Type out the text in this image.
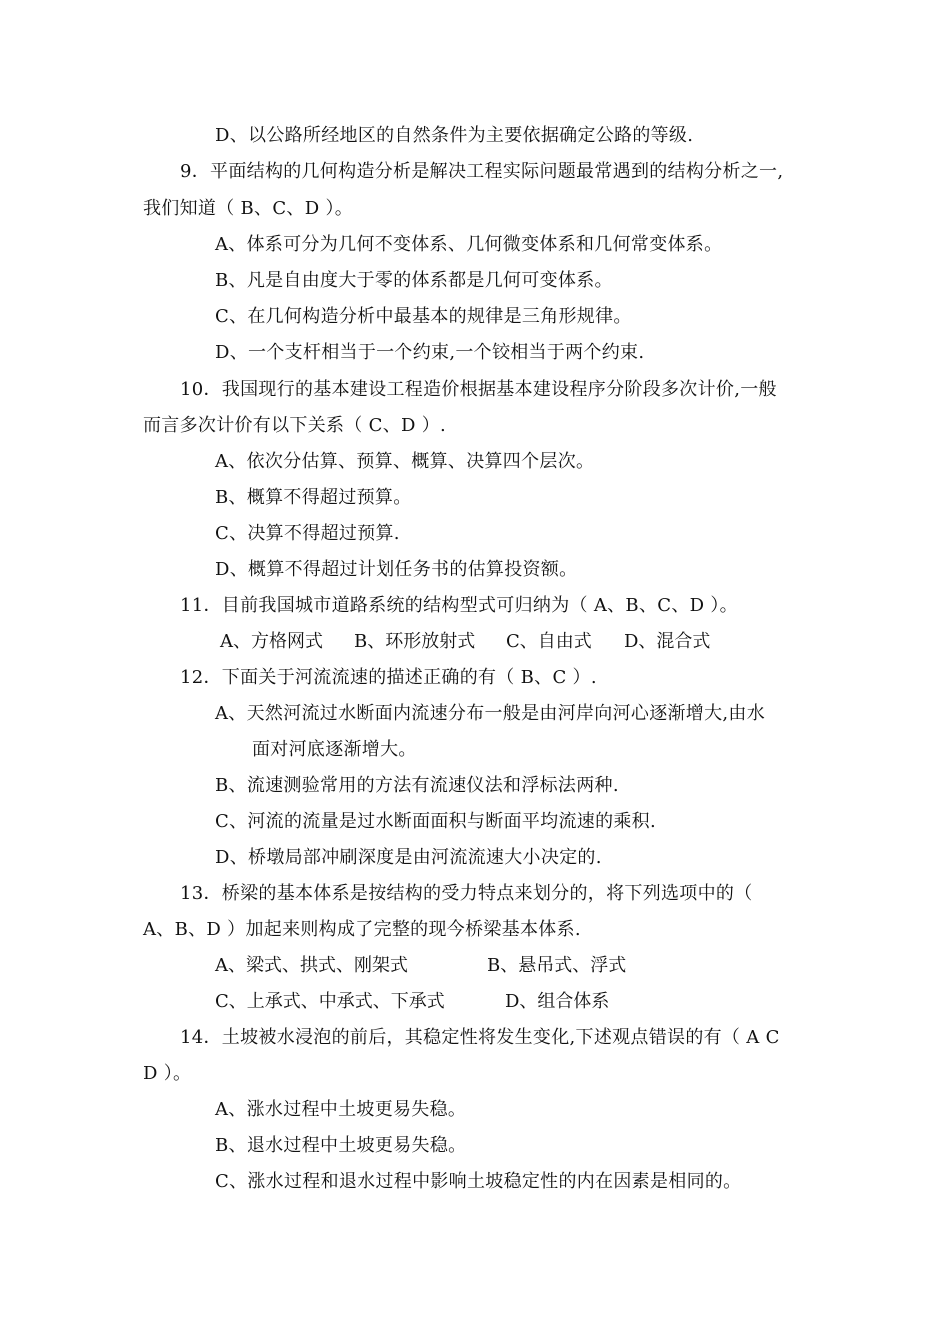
D、以公路所经地区的自然条件为主要依据确定公路的等级.
9．平面结构的几何构造分析是解决工程实际问题最常遇到的结构分析之一,
我们知道（ B、C、D ）。
A、体系可分为几何不变体系、几何微变体系和几何常变体系。
B、凡是自由度大于零的体系都是几何可变体系。
C、在几何构造分析中最基本的规律是三角形规律。
D、一个支杆相当于一个约束,一个铰相当于两个约束.
10．我国现行的基本建设工程造价根据基本建设程序分阶段多次计价,一般
而言多次计价有以下关系（ C、D ）.
A、依次分估算、预算、概算、决算四个层次。
B、概算不得超过预算。
C、决算不得超过预算.
D、概算不得超过计划任务书的估算投资额。
11．目前我国城市道路系统的结构型式可归纳为（ A、B、C、D ）。
A、方格网式	B、环形放射式	C、自由式	D、混合式
12．下面关于河流流速的描述正确的有（ B、C ）.
A、天然河流过水断面内流速分布一般是由河岸向河心逐渐增大,由水
面对河底逐渐增大。
B、流速测验常用的方法有流速仪法和浮标法两种.
C、河流的流量是过水断面面积与断面平均流速的乘积.
D、桥墩局部冲刷深度是由河流流速大小决定的.
13．桥梁的基本体系是按结构的受力特点来划分的，将下列选项中的（
A、B、D ）加起来则构成了完整的现今桥梁基本体系.
A、梁式、拱式、刚架式	B、悬吊式、浮式
C、上承式、中承式、下承式	D、组合体系
14．土坡被水浸泡的前后，其稳定性将发生变化,下述观点错误的有（ A C
D ）。
A、涨水过程中土坡更易失稳。
B、退水过程中土坡更易失稳。
C、涨水过程和退水过程中影响土坡稳定性的内在因素是相同的。
